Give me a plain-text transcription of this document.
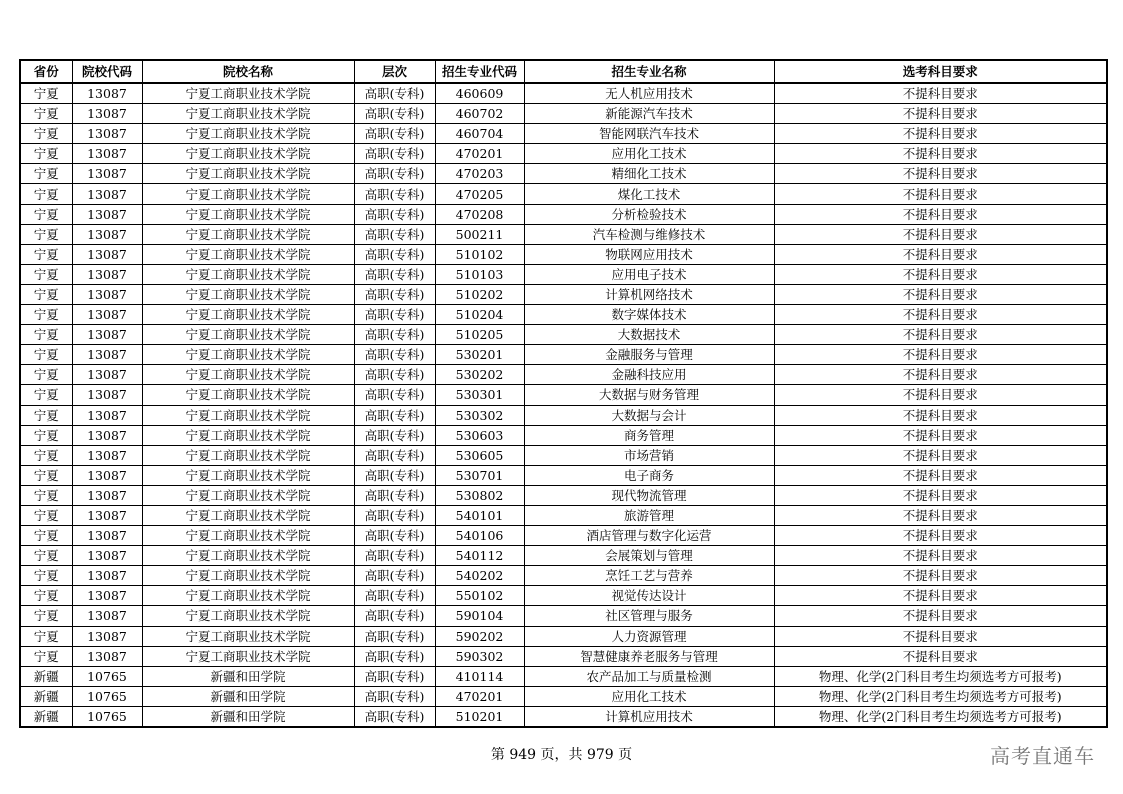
省份	院校代码	院校名称	层次	招生专业代码	招生专业名称	选考科目要求
宁夏	13087	宁夏工商职业技术学院	高职(专科)	460609	无人机应用技术	不提科目要求
宁夏	13087	宁夏工商职业技术学院	高职(专科)	460702	新能源汽车技术	不提科目要求
宁夏	13087	宁夏工商职业技术学院	高职(专科)	460704	智能网联汽车技术	不提科目要求
宁夏	13087	宁夏工商职业技术学院	高职(专科)	470201	应用化工技术	不提科目要求
宁夏	13087	宁夏工商职业技术学院	高职(专科)	470203	精细化工技术	不提科目要求
宁夏	13087	宁夏工商职业技术学院	高职(专科)	470205	煤化工技术	不提科目要求
宁夏	13087	宁夏工商职业技术学院	高职(专科)	470208	分析检验技术	不提科目要求
宁夏	13087	宁夏工商职业技术学院	高职(专科)	500211	汽车检测与维修技术	不提科目要求
宁夏	13087	宁夏工商职业技术学院	高职(专科)	510102	物联网应用技术	不提科目要求
宁夏	13087	宁夏工商职业技术学院	高职(专科)	510103	应用电子技术	不提科目要求
宁夏	13087	宁夏工商职业技术学院	高职(专科)	510202	计算机网络技术	不提科目要求
宁夏	13087	宁夏工商职业技术学院	高职(专科)	510204	数字媒体技术	不提科目要求
宁夏	13087	宁夏工商职业技术学院	高职(专科)	510205	大数据技术	不提科目要求
宁夏	13087	宁夏工商职业技术学院	高职(专科)	530201	金融服务与管理	不提科目要求
宁夏	13087	宁夏工商职业技术学院	高职(专科)	530202	金融科技应用	不提科目要求
宁夏	13087	宁夏工商职业技术学院	高职(专科)	530301	大数据与财务管理	不提科目要求
宁夏	13087	宁夏工商职业技术学院	高职(专科)	530302	大数据与会计	不提科目要求
宁夏	13087	宁夏工商职业技术学院	高职(专科)	530603	商务管理	不提科目要求
宁夏	13087	宁夏工商职业技术学院	高职(专科)	530605	市场营销	不提科目要求
宁夏	13087	宁夏工商职业技术学院	高职(专科)	530701	电子商务	不提科目要求
宁夏	13087	宁夏工商职业技术学院	高职(专科)	530802	现代物流管理	不提科目要求
宁夏	13087	宁夏工商职业技术学院	高职(专科)	540101	旅游管理	不提科目要求
宁夏	13087	宁夏工商职业技术学院	高职(专科)	540106	酒店管理与数字化运营	不提科目要求
宁夏	13087	宁夏工商职业技术学院	高职(专科)	540112	会展策划与管理	不提科目要求
宁夏	13087	宁夏工商职业技术学院	高职(专科)	540202	烹饪工艺与营养	不提科目要求
宁夏	13087	宁夏工商职业技术学院	高职(专科)	550102	视觉传达设计	不提科目要求
宁夏	13087	宁夏工商职业技术学院	高职(专科)	590104	社区管理与服务	不提科目要求
宁夏	13087	宁夏工商职业技术学院	高职(专科)	590202	人力资源管理	不提科目要求
宁夏	13087	宁夏工商职业技术学院	高职(专科)	590302	智慧健康养老服务与管理	不提科目要求
新疆	10765	新疆和田学院	高职(专科)	410114	农产品加工与质量检测	物理、化学(2门科目考生均须选考方可报考)
新疆	10765	新疆和田学院	高职(专科)	470201	应用化工技术	物理、化学(2门科目考生均须选考方可报考)
新疆	10765	新疆和田学院	高职(专科)	510201	计算机应用技术	物理、化学(2门科目考生均须选考方可报考)
第 949 页，共 979 页	高考直通车
